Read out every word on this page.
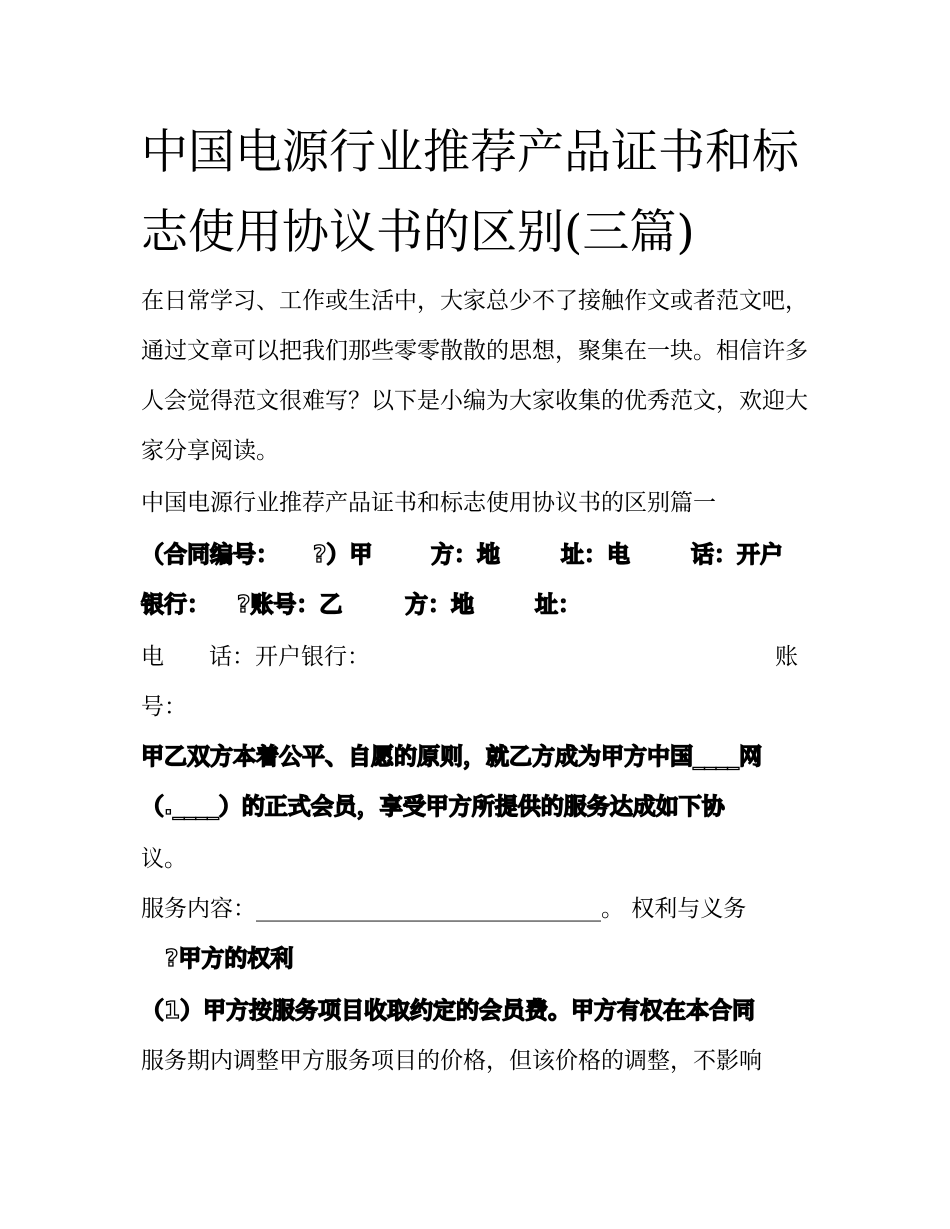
中国电源行业推荐产品证书和标志使用协议书的区别(三篇)

在日常学习、工作或生活中，大家总少不了接触作文或者范文吧，通过文章可以把我们那些零零散散的思想，聚集在一块。相信许多人会觉得范文很难写？以下是小编为大家收集的优秀范文，欢迎大家分享阅读。

中国电源行业推荐产品证书和标志使用协议书的区别篇一

（合同编号： ?）甲	方：地	址：电	话：开户
银行： ?账号：乙	方：地	址：
电 话：开户银行：	账
号：

甲乙双方本着公平、自愿的原则，就乙方成为甲方中国____网

（.____）的正式会员，享受甲方所提供的服务达成如下协

议。

服务内容：______________________________。 权利与义务

?甲方的权利

（1）甲方按服务项目收取约定的会员费。甲方有权在本合同

服务期内调整甲方服务项目的价格，但该价格的调整，不影响
